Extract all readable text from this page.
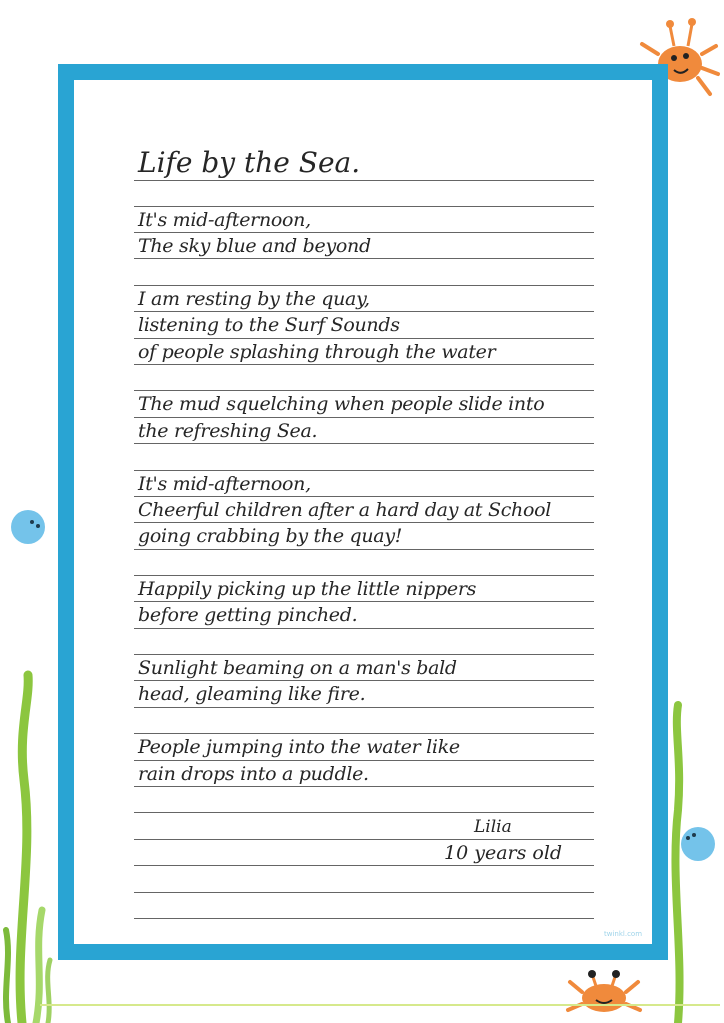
Life by the Sea.
It's mid-afternoon,
The sky blue and beyond
I am resting by the quay,
listening to the Surf Sounds
of people splashing through the water
The mud squelching when people slide into
the refreshing Sea.
It's mid-afternoon,
Cheerful children after a hard day at School
going crabbing by the quay!
Happily picking up the little nippers
before getting pinched.
Sunlight beaming on a man's bald
head, gleaming like fire.
People jumping into the water like
rain drops into a puddle.
Lilia
10 years old
twinkl.com
